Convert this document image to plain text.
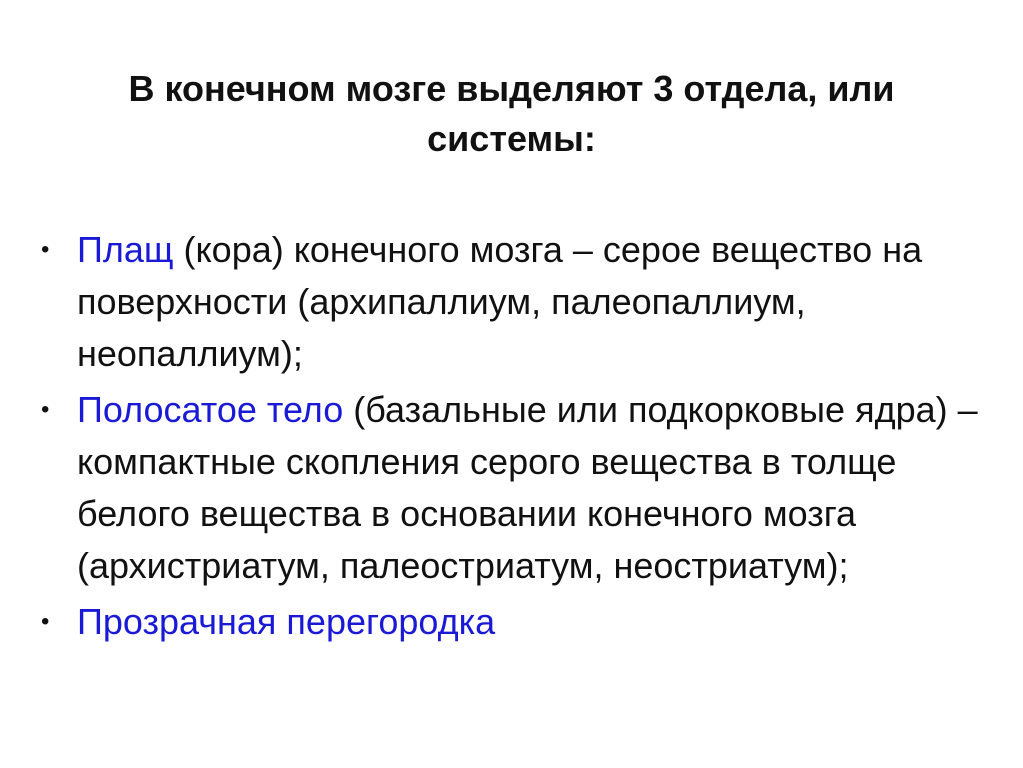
В конечном мозге выделяют 3 отдела, или
системы:
• Плащ (кора) конечного мозга – серое вещество на поверхности (архипаллиум, палеопаллиум, неопаллиум);
• Полосатое тело (базальные или подкорковые ядра) – компактные скопления серого вещества в толще белого вещества в основании конечного мозга (архистриатум, палеостриатум, неостриатум);
• Прозрачная перегородка
